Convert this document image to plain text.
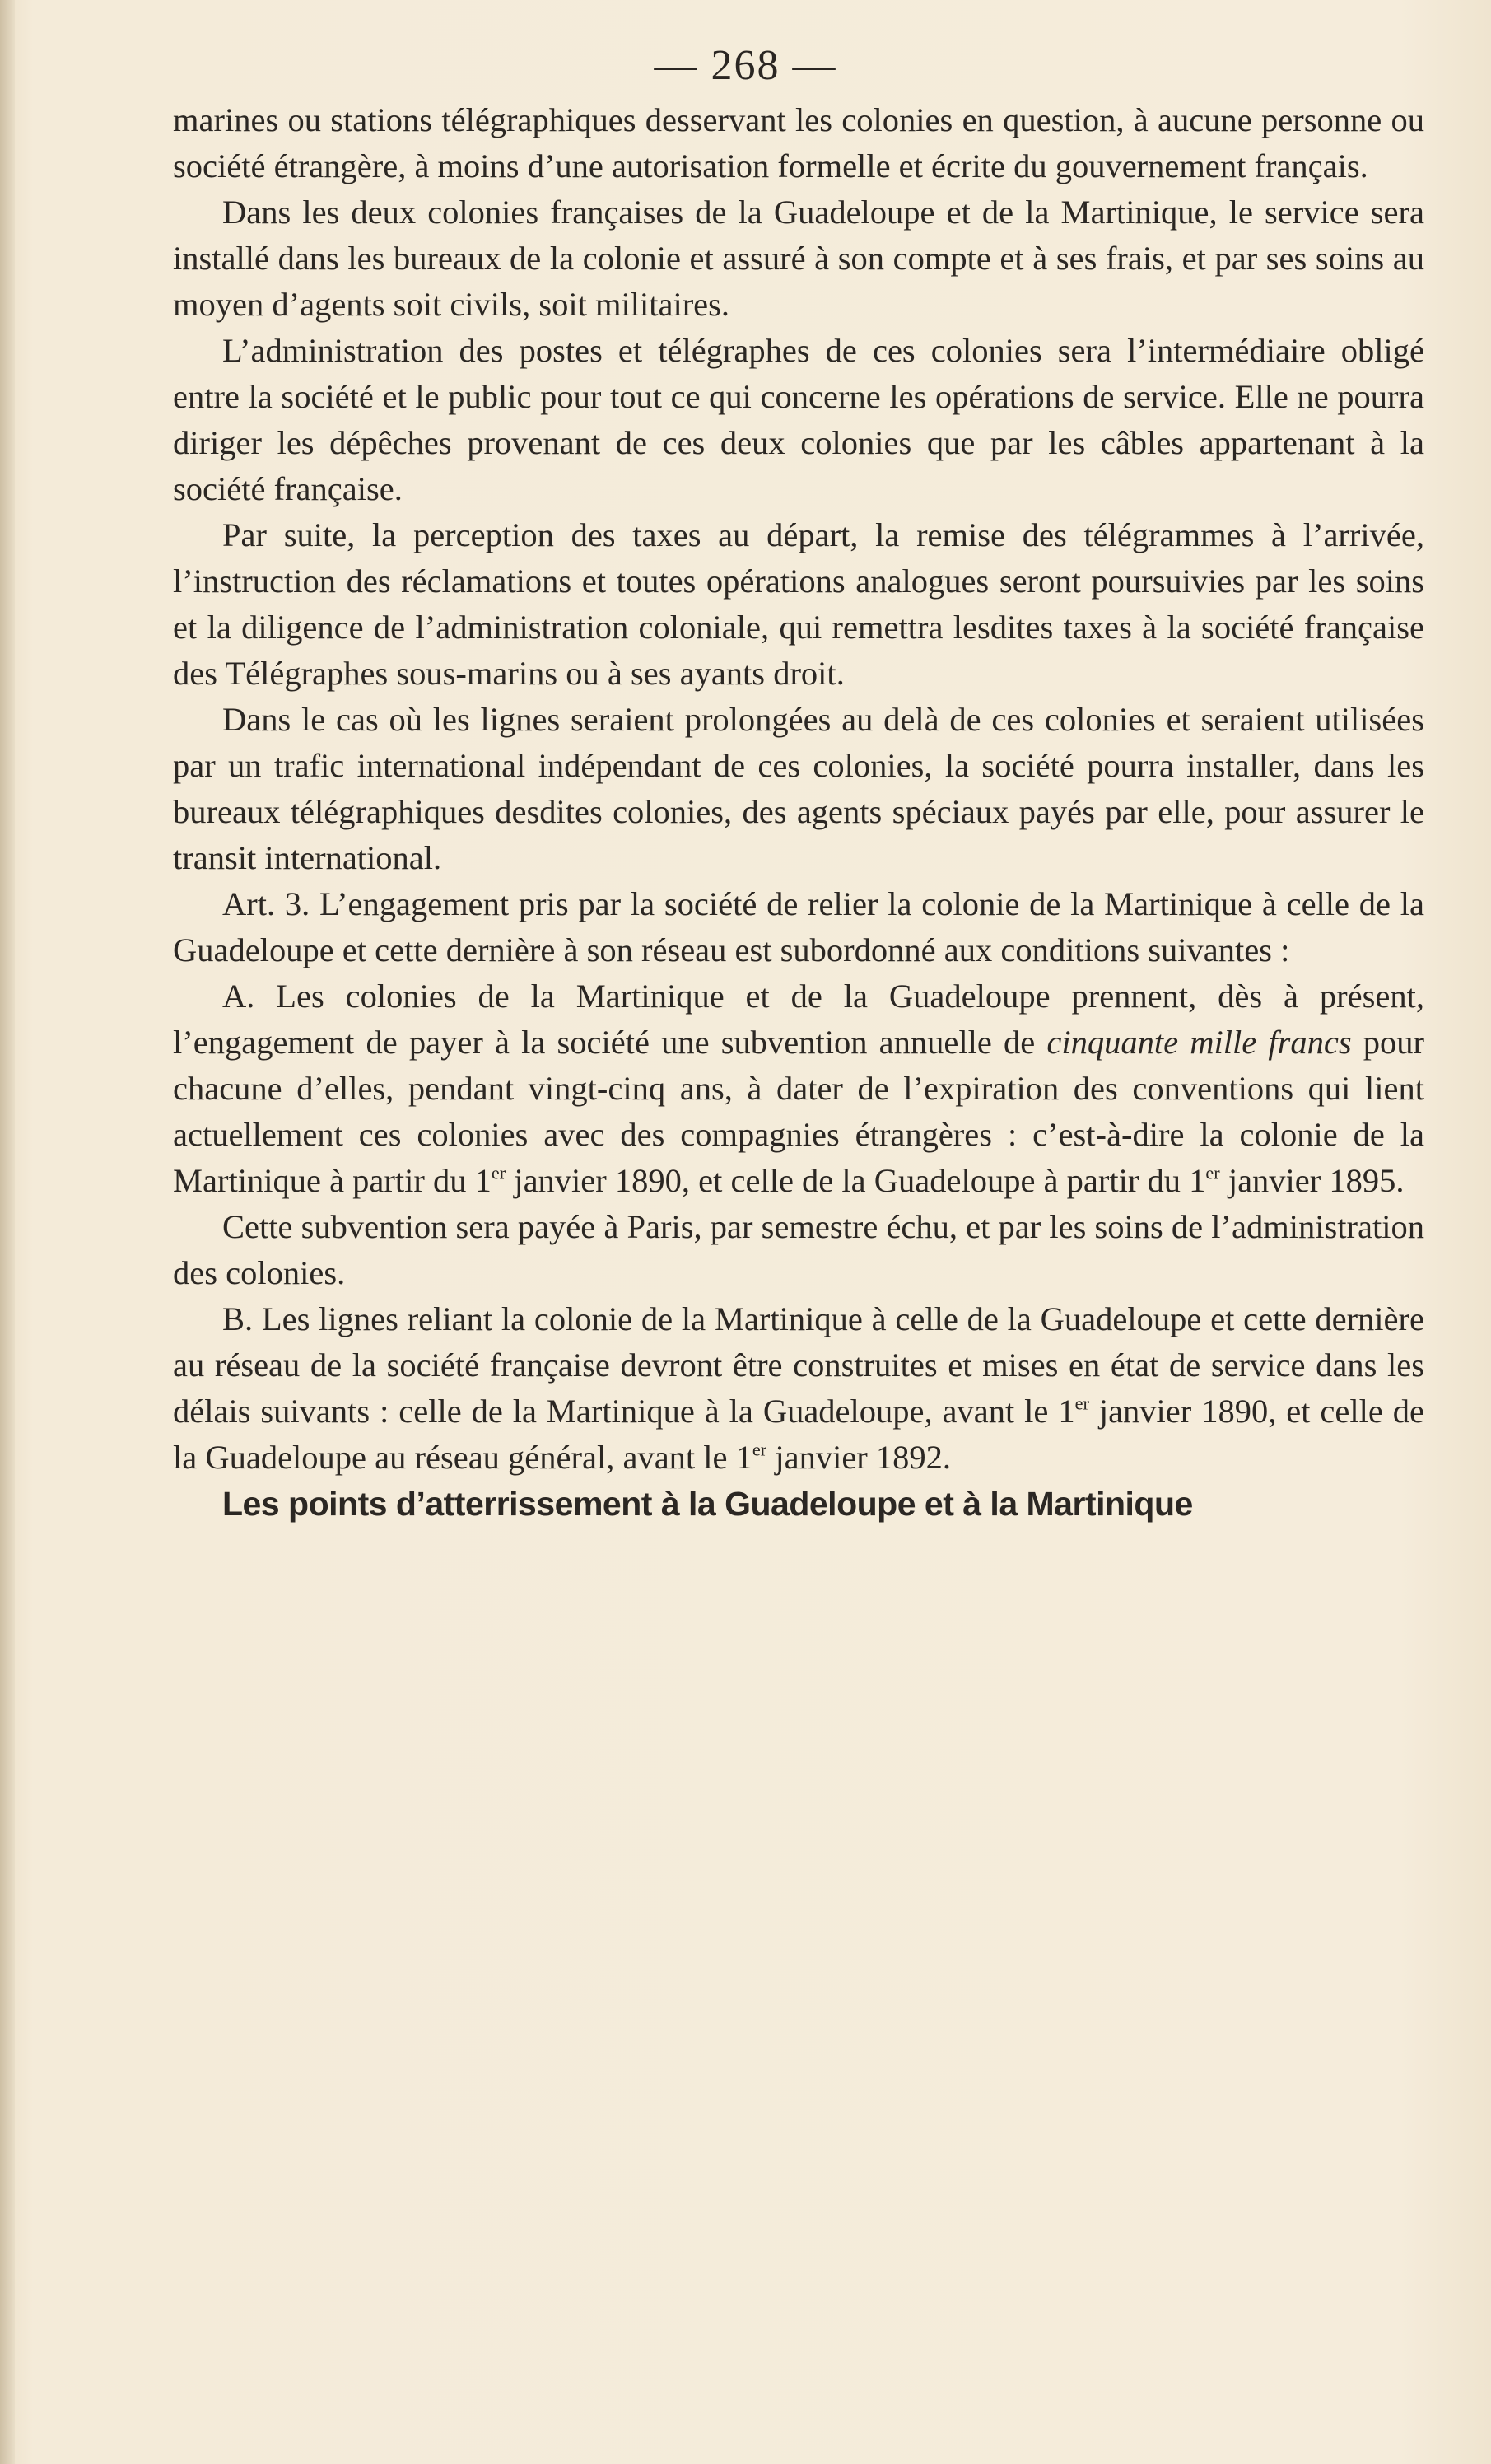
— 268 —

marines ou stations télégraphiques desservant les colonies en question, à aucune personne ou société étrangère, à moins d’une autorisation formelle et écrite du gouvernement français.

Dans les deux colonies françaises de la Guadeloupe et de la Martinique, le service sera installé dans les bureaux de la colonie et assuré à son compte et à ses frais, et par ses soins au moyen d’agents soit civils, soit militaires.

L’administration des postes et télégraphes de ces colonies sera l’intermédiaire obligé entre la société et le public pour tout ce qui concerne les opérations de service. Elle ne pourra diriger les dépêches provenant de ces deux colonies que par les câbles appartenant à la société française.

Par suite, la perception des taxes au départ, la remise des télégrammes à l’arrivée, l’instruction des réclamations et toutes opérations analogues seront poursuivies par les soins et la diligence de l’administration coloniale, qui remettra lesdites taxes à la société française des Télégraphes sous-marins ou à ses ayants droit.

Dans le cas où les lignes seraient prolongées au delà de ces colonies et seraient utilisées par un trafic international indépendant de ces colonies, la société pourra installer, dans les bureaux télégraphiques desdites colonies, des agents spéciaux payés par elle, pour assurer le transit international.

Art. 3. L’engagement pris par la société de relier la colonie de la Martinique à celle de la Guadeloupe et cette dernière à son réseau est subordonné aux conditions suivantes :

A. Les colonies de la Martinique et de la Guadeloupe prennent, dès à présent, l’engagement de payer à la société une subvention annuelle de cinquante mille francs pour chacune d’elles, pendant vingt-cinq ans, à dater de l’expiration des conventions qui lient actuellement ces colonies avec des compagnies étrangères : c’est-à-dire la colonie de la Martinique à partir du 1er janvier 1890, et celle de la Guadeloupe à partir du 1er janvier 1895.

Cette subvention sera payée à Paris, par semestre échu, et par les soins de l’administration des colonies.

B. Les lignes reliant la colonie de la Martinique à celle de la Guadeloupe et cette dernière au réseau de la société française devront être construites et mises en état de service dans les délais suivants : celle de la Martinique à la Guadeloupe, avant le 1er janvier 1890, et celle de la Guadeloupe au réseau général, avant le 1er janvier 1892.

Les points d’atterrissement à la Guadeloupe et à la Martinique
